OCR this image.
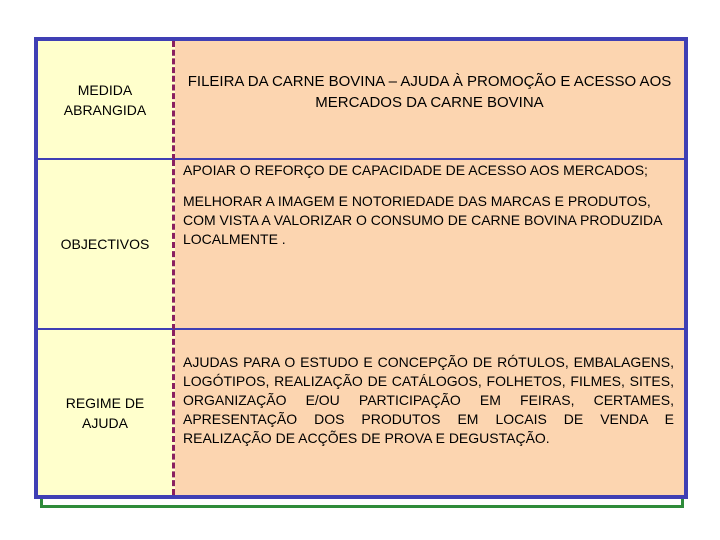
MEDIDA ABRANGIDA
FILEIRA DA CARNE BOVINA – AJUDA À PROMOÇÃO E ACESSO AOS MERCADOS DA CARNE BOVINA
OBJECTIVOS

APOIAR O REFORÇO DE CAPACIDADE DE ACESSO AOS MERCADOS;

MELHORAR A IMAGEM E NOTORIEDADE DAS MARCAS E PRODUTOS, COM VISTA A VALORIZAR O CONSUMO DE CARNE BOVINA PRODUZIDA LOCALMENTE .

REGIME DE AJUDA
AJUDAS PARA O ESTUDO E CONCEPÇÃO DE RÓTULOS, EMBALAGENS, LOGÓTIPOS, REALIZAÇÃO DE CATÁLOGOS, FOLHETOS, FILMES, SITES, ORGANIZAÇÃO E/OU PARTICIPAÇÃO EM FEIRAS, CERTAMES, APRESENTAÇÃO DOS PRODUTOS EM LOCAIS DE VENDA E REALIZAÇÃO DE ACÇÕES DE PROVA E DEGUSTAÇÃO.
